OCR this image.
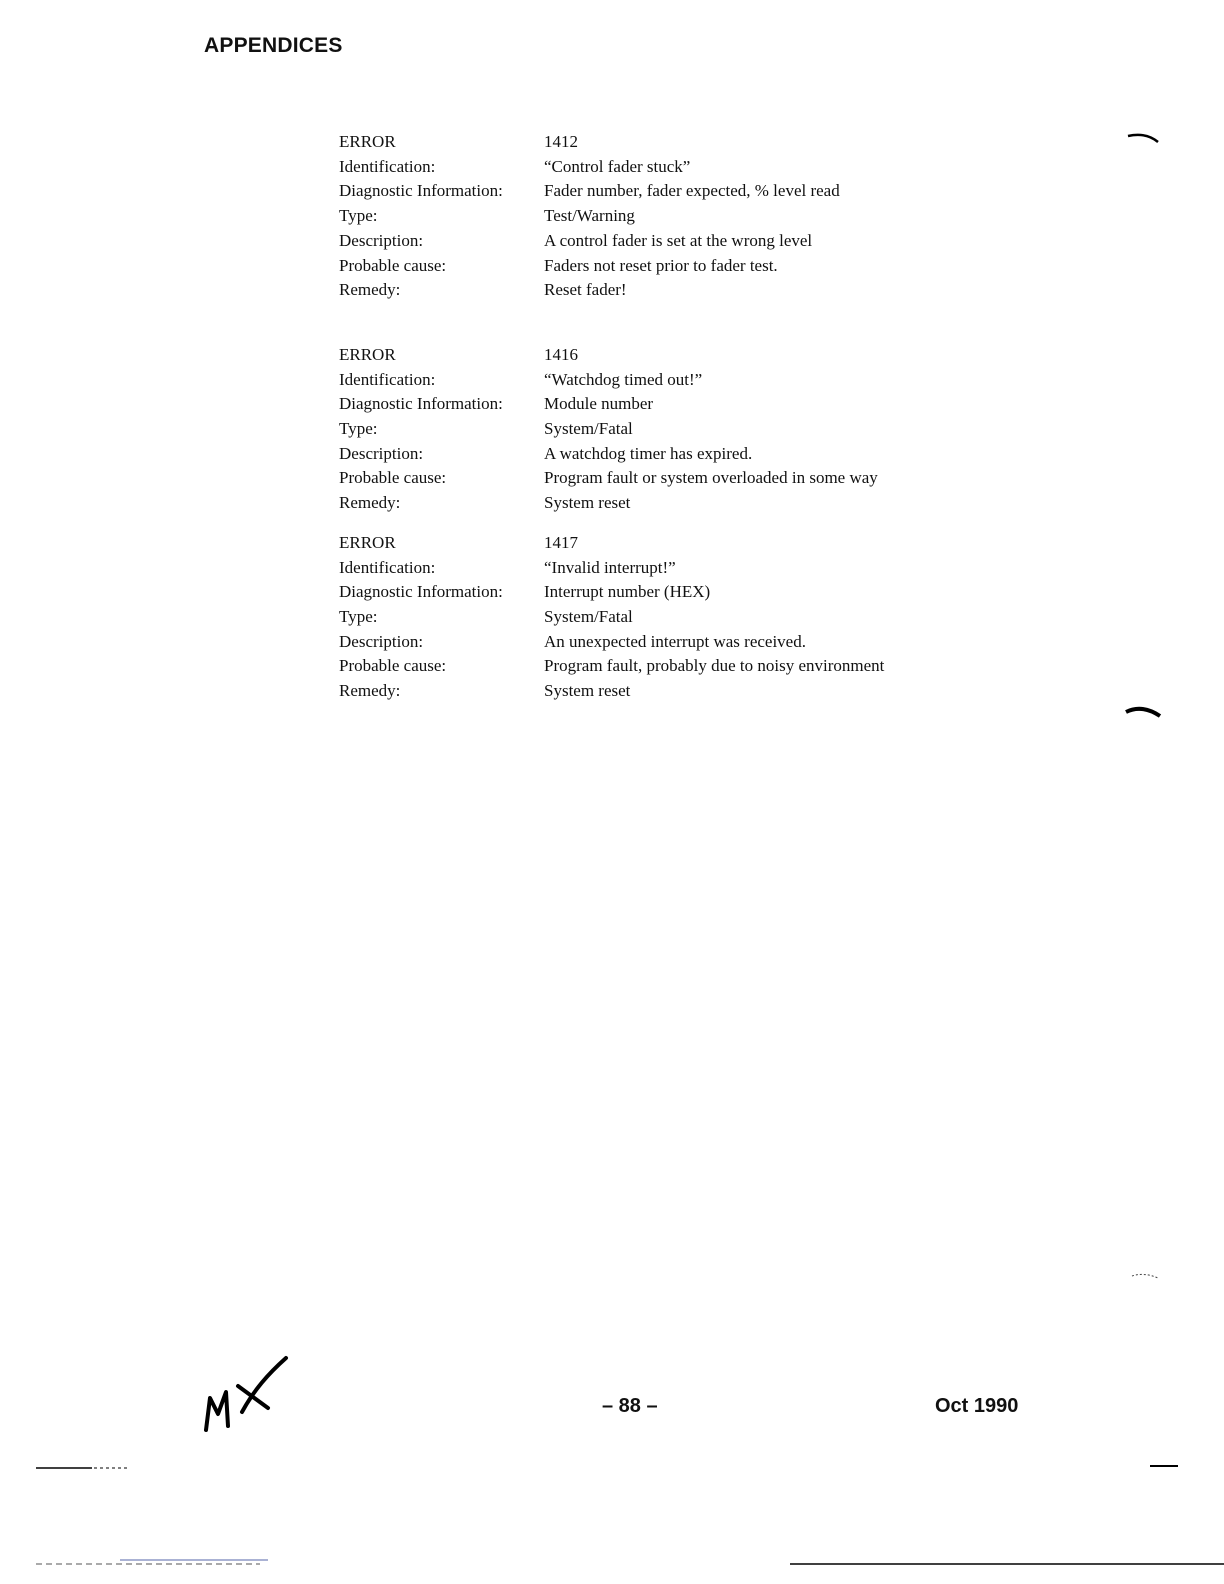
APPENDICES
ERROR	1412
Identification:	“Control fader stuck”
Diagnostic Information:	Fader number, fader expected, % level read
Type:	Test/Warning
Description:	A control fader is set at the wrong level
Probable cause:	Faders not reset prior to fader test.
Remedy:	Reset fader!
ERROR	1416
Identification:	“Watchdog timed out!”
Diagnostic Information:	Module number
Type:	System/Fatal
Description:	A watchdog timer has expired.
Probable cause:	Program fault or system overloaded in some way
Remedy:	System reset
ERROR	1417
Identification:	“Invalid interrupt!”
Diagnostic Information:	Interrupt number (HEX)
Type:	System/Fatal
Description:	An unexpected interrupt was received.
Probable cause:	Program fault, probably due to noisy environment
Remedy:	System reset
– 88 –	Oct 1990
